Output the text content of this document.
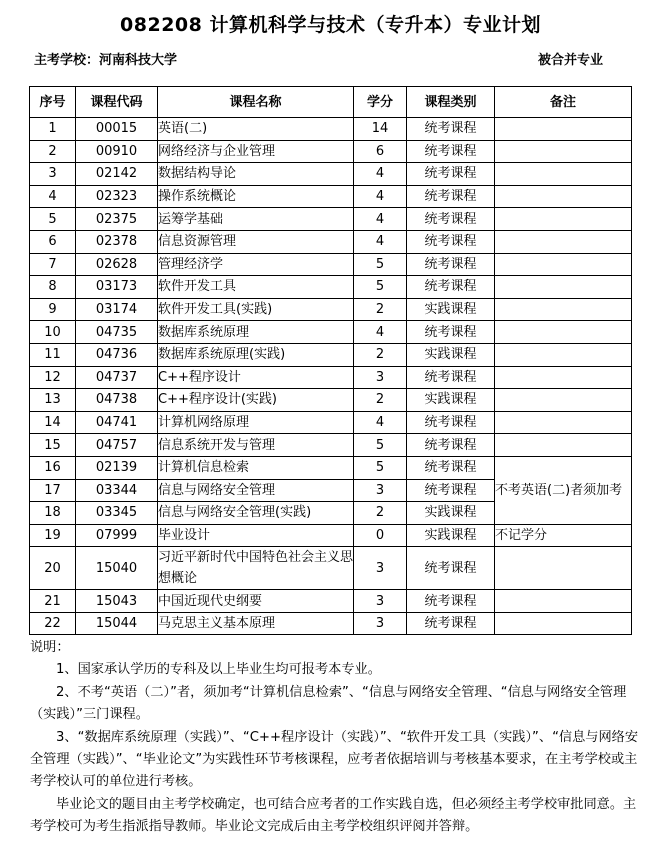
082208 计算机科学与技术（专升本）专业计划
主考学校：河南科技大学	被合并专业
序号	课程代码	课程名称	学分	课程类别	备注
1	00015	英语(二)	14	统考课程	
2	00910	网络经济与企业管理	6	统考课程	
3	02142	数据结构导论	4	统考课程	
4	02323	操作系统概论	4	统考课程	
5	02375	运筹学基础	4	统考课程	
6	02378	信息资源管理	4	统考课程	
7	02628	管理经济学	5	统考课程	
8	03173	软件开发工具	5	统考课程	
9	03174	软件开发工具(实践)	2	实践课程	
10	04735	数据库系统原理	4	统考课程	
11	04736	数据库系统原理(实践)	2	实践课程	
12	04737	C++程序设计	3	统考课程	
13	04738	C++程序设计(实践)	2	实践课程	
14	04741	计算机网络原理	4	统考课程	
15	04757	信息系统开发与管理	5	统考课程	
16	02139	计算机信息检索	5	统考课程	不考英语(二)者须加考
17	03344	信息与网络安全管理	3	统考课程	
18	03345	信息与网络安全管理(实践)	2	实践课程	
19	07999	毕业设计	0	实践课程	不记学分
20	15040	习近平新时代中国特色社会主义思想概论	3	统考课程	
21	15043	中国近现代史纲要	3	统考课程	
22	15044	马克思主义基本原理	3	统考课程	

说明：

1、国家承认学历的专科及以上毕业生均可报考本专业。

2、不考“英语（二）”者，须加考“计算机信息检索”、“信息与网络安全管理、“信息与网络安全管理（实践）”三门课程。

3、“数据库系统原理（实践）”、“C++程序设计（实践）”、“软件开发工具（实践）”、“信息与网络安全管理（实践）”、“毕业论文”为实践性环节考核课程，应考者依据培训与考核基本要求，在主考学校或主考学校认可的单位进行考核。

毕业论文的题目由主考学校确定，也可结合应考者的工作实践自选，但必须经主考学校审批同意。主考学校可为考生指派指导教师。毕业论文完成后由主考学校组织评阅并答辩。
